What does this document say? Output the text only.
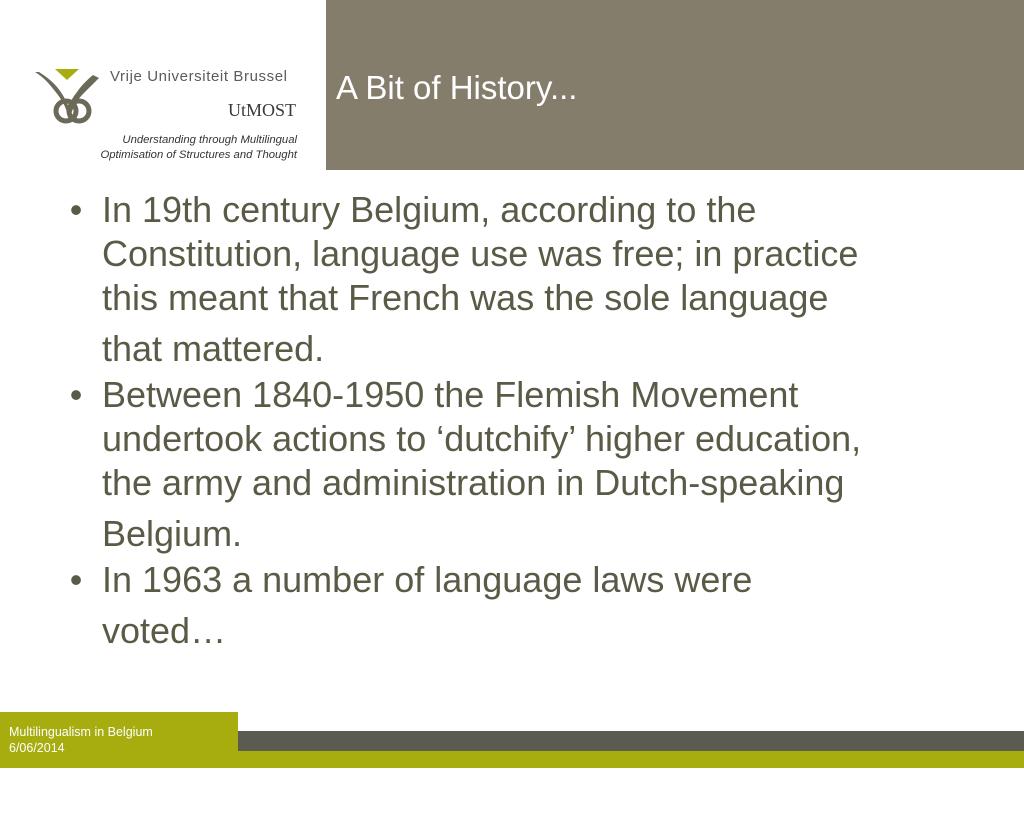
A Bit of History...
Vrije Universiteit Brussel
UtMOST
Understanding through Multilingual
Optimisation of Structures and Thought
• In 19th century Belgium, according to the
Constitution, language use was free; in practice
this meant that French was the sole language
that mattered.
• Between 1840-1950 the Flemish Movement
undertook actions to ‘dutchify’ higher education,
the army and administration in Dutch-speaking
Belgium.
• In 1963 a number of language laws were
voted…
Multilingualism in Belgium
6/06/2014

|

pag. 4
